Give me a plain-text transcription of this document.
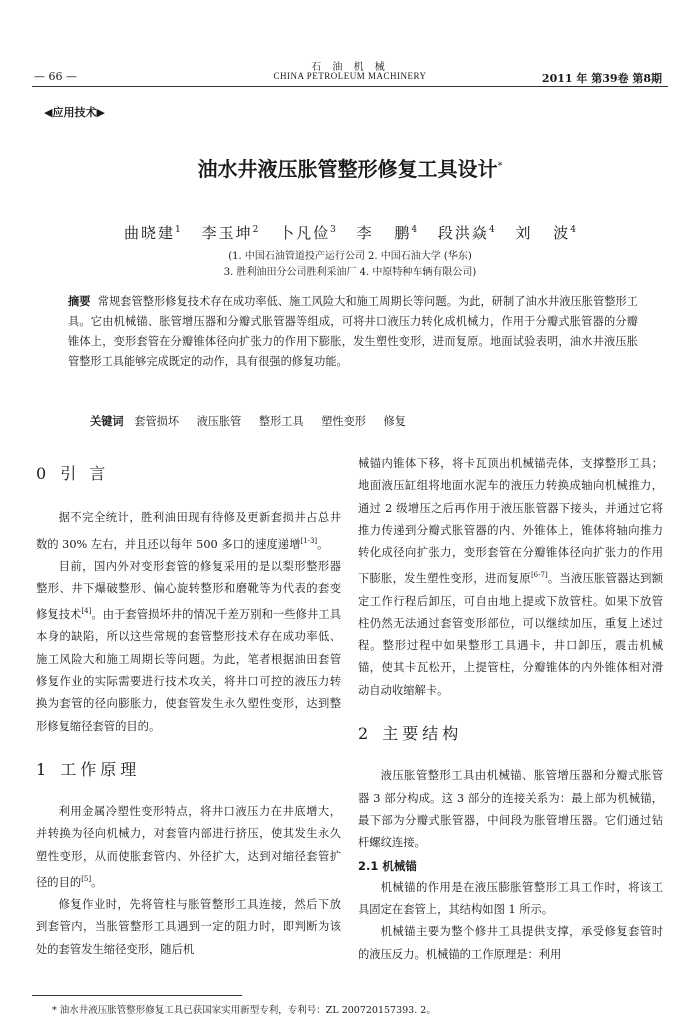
石 油 机 械
— 66 —	CHINA PETROLEUM MACHINERY	2011 年 第39卷 第8期
◀应用技术▶
油水井液压胀管整形修复工具设计*
曲晓建$^1$ 李玉坤$^2$ 卜凡俭$^3$ 李 鹏$^4$ 段洪焱$^4$ 刘 波$^4$
(1. 中国石油管道投产运行公司 2. 中国石油大学 (华东)
3. 胜利油田分公司胜利采油厂 4. 中原特种车辆有限公司)
摘要 常规套管整形修复技术存在成功率低、施工风险大和施工周期长等问题。为此，研制了油水井液压胀管整形工具。它由机械锚、胀管增压器和分瓣式胀管器等组成，可将井口液压力转化成机械力，作用于分瓣式胀管器的分瓣锥体上，变形套管在分瓣锥体径向扩张力的作用下膨胀，发生塑性变形，进而复原。地面试验表明，油水井液压胀管整形工具能够完成既定的动作，具有很强的修复功能。
关键词 套管损坏 液压胀管 整形工具 塑性变形 修复
0 引 言

据不完全统计，胜利油田现有待修及更新套损井占总井数的 30% 左右，并且还以每年 500 多口的速度递增[1-3]。

目前，国内外对变形套管的修复采用的是以梨形整形器整形、井下爆破整形、偏心旋转整形和磨靴等为代表的套变修复技术[4]。由于套管损坏井的情况千差万别和一些修井工具本身的缺陷，所以这些常规的套管整形技术存在成功率低、施工风险大和施工周期长等问题。为此，笔者根据油田套管修复作业的实际需要进行技术攻关，将井口可控的液压力转换为套管的径向膨胀力，使套管发生永久塑性变形，达到整形修复缩径套管的目的。

1 工作原理

利用金属冷塑性变形特点，将井口液压力在井底增大，并转换为径向机械力，对套管内部进行挤压，使其发生永久塑性变形，从而使胀套管内、外径扩大，达到对缩径套管扩径的目的[5]。

修复作业时，先将管柱与胀管整形工具连接，然后下放到套管内，当胀管整形工具遇到一定的阻力时，即判断为该处的套管发生缩径变形，随后机

械锚内锥体下移，将卡瓦顶出机械锚壳体，支撑整形工具；地面液压缸组将地面水泥车的液压力转换成轴向机械推力，通过 2 级增压之后再作用于液压胀管器下接头，并通过它将推力传递到分瓣式胀管器的内、外锥体上，锥体将轴向推力转化成径向扩张力，变形套管在分瓣锥体径向扩张力的作用下膨胀，发生塑性变形，进而复原[6-7]。当液压胀管器达到额定工作行程后卸压，可自由地上提或下放管柱。如果下放管柱仍然无法通过套管变形部位，可以继续加压，重复上述过程。整形过程中如果整形工具遇卡，井口卸压，震击机械锚，使其卡瓦松开，上提管柱，分瓣锥体的内外锥体相对滑动自动收缩解卡。

2 主要结构

液压胀管整形工具由机械锚、胀管增压器和分瓣式胀管器 3 部分构成。这 3 部分的连接关系为：最上部为机械锚，最下部为分瓣式胀管器，中间段为胀管增压器。它们通过钻杆螺纹连接。

2.1 机械锚

机械锚的作用是在液压膨胀管整形工具工作时，将该工具固定在套管上，其结构如图 1 所示。

机械锚主要为整个修井工具提供支撑，承受修复套管时的液压反力。机械锚的工作原理是：利用

* 油水井液压胀管整形修复工具已获国家实用新型专利，专利号：ZL 200720157393. 2。
